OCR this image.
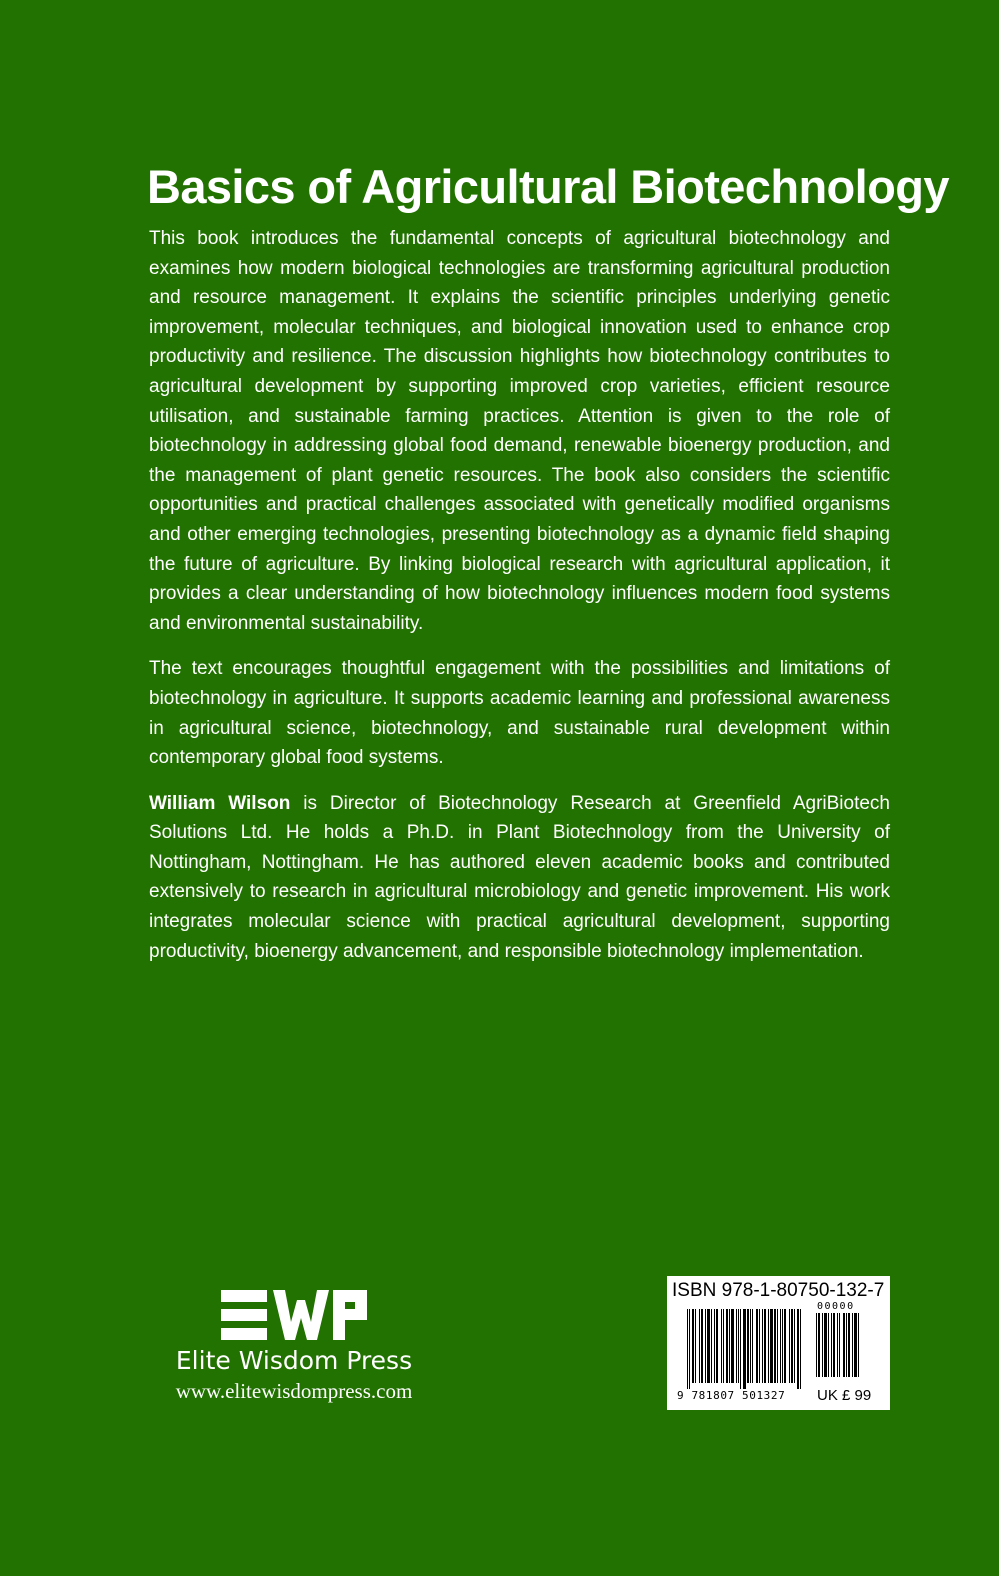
Basics of Agricultural Biotechnology

This book introduces the fundamental concepts of agricultural biotechnology and examines how modern biological technologies are transforming agricultural production and resource management. It explains the scientific principles underlying genetic improvement, molecular techniques, and biological innovation used to enhance crop productivity and resilience. The discussion highlights how biotechnology contributes to agricultural development by supporting improved crop varieties, efficient resource utilisation, and sustainable farming practices. Attention is given to the role of biotechnology in addressing global food demand, renewable bioenergy production, and the management of plant genetic resources. The book also considers the scientific opportunities and practical challenges associated with genetically modified organisms and other emerging technologies, presenting biotechnology as a dynamic field shaping the future of agriculture. By linking biological research with agricultural application, it provides a clear understanding of how biotechnology influences modern food systems and environmental sustainability.

The text encourages thoughtful engagement with the possibilities and limitations of biotechnology in agriculture. It supports academic learning and professional awareness in agricultural science, biotechnology, and sustainable rural development within contemporary global food systems.

William Wilson is Director of Biotechnology Research at Greenfield AgriBiotech Solutions Ltd. He holds a Ph.D. in Plant Biotechnology from the University of Nottingham, Nottingham. He has authored eleven academic books and contributed extensively to research in agricultural microbiology and genetic improvement. His work integrates molecular science with practical agricultural development, supporting productivity, bioenergy advancement, and responsible biotechnology implementation.

Elite Wisdom Press
www.elitewisdompress.com
ISBN 978-1-80750-132-7
00000
9 781807 501327 UK £ 99
